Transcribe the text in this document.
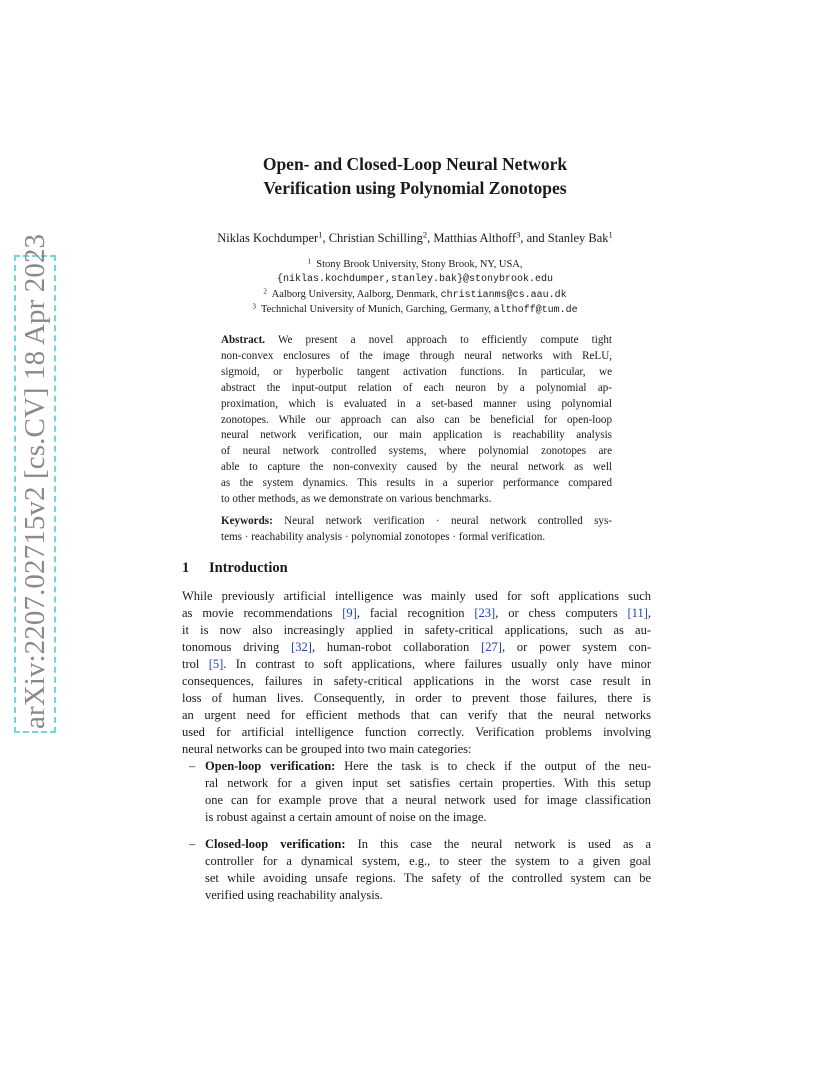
arXiv:2207.02715v2 [cs.CV] 18 Apr 2023
Open- and Closed-Loop Neural Network
Verification using Polynomial Zonotopes
Niklas Kochdumper$^1$, Christian Schilling$^2$, Matthias Althoff$^3$, and Stanley Bak$^1$
$^1$ Stony Brook University, Stony Brook, NY, USA,
{niklas.kochdumper,stanley.bak}@stonybrook.edu
$^2$ Aalborg University, Aalborg, Denmark, christianms@cs.aau.dk
$^3$ Technichal University of Munich, Garching, Germany, althoff@tum.de
Abstract. We present a novel approach to efficiently compute tight
non-convex enclosures of the image through neural networks with ReLU,
sigmoid, or hyperbolic tangent activation functions. In particular, we
abstract the input-output relation of each neuron by a polynomial ap-
proximation, which is evaluated in a set-based manner using polynomial
zonotopes. While our approach can also can be beneficial for open-loop
neural network verification, our main application is reachability analysis
of neural network controlled systems, where polynomial zonotopes are
able to capture the non-convexity caused by the neural network as well
as the system dynamics. This results in a superior performance compared
to other methods, as we demonstrate on various benchmarks.
Keywords: Neural network verification · neural network controlled sys-
tems · reachability analysis · polynomial zonotopes · formal verification.
1 Introduction
While previously artificial intelligence was mainly used for soft applications such
as movie recommendations [9], facial recognition [23], or chess computers [11],
it is now also increasingly applied in safety-critical applications, such as au-
tonomous driving [32], human-robot collaboration [27], or power system con-
trol [5]. In contrast to soft applications, where failures usually only have minor
consequences, failures in safety-critical applications in the worst case result in
loss of human lives. Consequently, in order to prevent those failures, there is
an urgent need for efficient methods that can verify that the neural networks
used for artificial intelligence function correctly. Verification problems involving
neural networks can be grouped into two main categories:
– Open-loop verification: Here the task is to check if the output of the neu-
ral network for a given input set satisfies certain properties. With this setup
one can for example prove that a neural network used for image classification
is robust against a certain amount of noise on the image.
– Closed-loop verification: In this case the neural network is used as a
controller for a dynamical system, e.g., to steer the system to a given goal
set while avoiding unsafe regions. The safety of the controlled system can be
verified using reachability analysis.
